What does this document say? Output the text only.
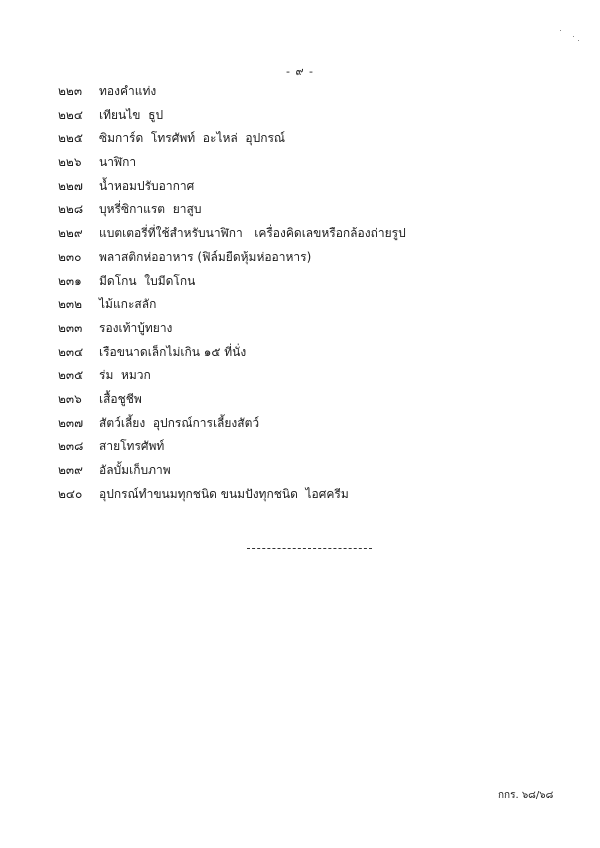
- ๙ -
๒๒๓	ทองคำแท่ง
๒๒๔	เทียนไข  ธูป
๒๒๕	ซิมการ์ด  โทรศัพท์  อะไหล่  อุปกรณ์
๒๒๖	นาฬิกา
๒๒๗	น้ำหอมปรับอากาศ
๒๒๘	บุหรี่ซิกาแรต  ยาสูบ
๒๒๙	แบตเตอรี่ที่ใช้สำหรับนาฬิกา   เครื่องคิดเลขหรือกล้องถ่ายรูป
๒๓๐	พลาสติกห่ออาหาร (ฟิล์มยืดหุ้มห่ออาหาร)
๒๓๑	มีดโกน  ใบมีดโกน
๒๓๒	ไม้แกะสลัก
๒๓๓	รองเท้าบู้ทยาง
๒๓๔	เรือขนาดเล็กไม่เกิน ๑๕ ที่นั่ง
๒๓๕	ร่ม  หมวก
๒๓๖	เสื้อชูชีพ
๒๓๗	สัตว์เลี้ยง  อุปกรณ์การเลี้ยงสัตว์
๒๓๘	สายโทรศัพท์
๒๓๙	อัลบั้มเก็บภาพ
๒๔๐	อุปกรณ์ทำขนมทุกชนิด ขนมปังทุกชนิด  ไอศครีม
กกร. ๖๘/๖๘
